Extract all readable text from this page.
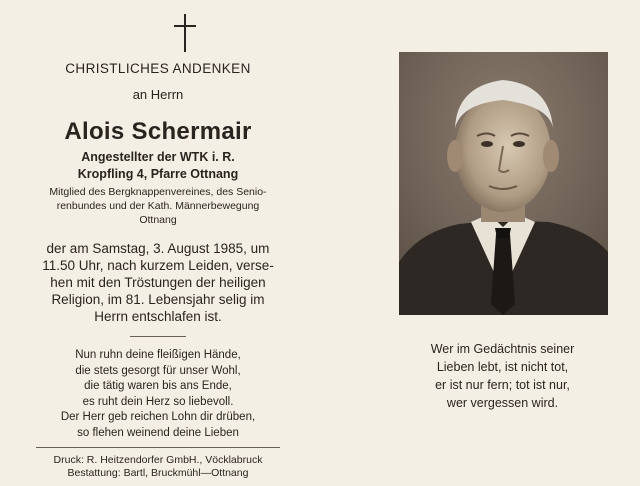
CHRISTLICHES ANDENKEN
an Herrn
Alois Schermair
Angestellter der WTK i. R.
Kropfling 4, Pfarre Ottnang
Mitglied des Bergknappenvereines, des Senio-
renbundes und der Kath. Männerbewegung
Ottnang
der am Samstag, 3. August 1985, um
11.50 Uhr, nach kurzem Leiden, verse-
hen mit den Tröstungen der heiligen
Religion, im 81. Lebensjahr selig im
Herrn entschlafen ist.
Nun ruhn deine fleißigen Hände,
die stets gesorgt für unser Wohl,
die tätig waren bis ans Ende,
es ruht dein Herz so liebevoll.
Der Herr geb reichen Lohn dir drüben,
so flehen weinend deine Lieben
Druck: R. Heitzendorfer GmbH., Vöcklabruck
Bestattung: Bartl, Bruckmühl—Ottnang
Wer im Gedächtnis seiner
Lieben lebt, ist nicht tot,
er ist nur fern; tot ist nur,
wer vergessen wird.
